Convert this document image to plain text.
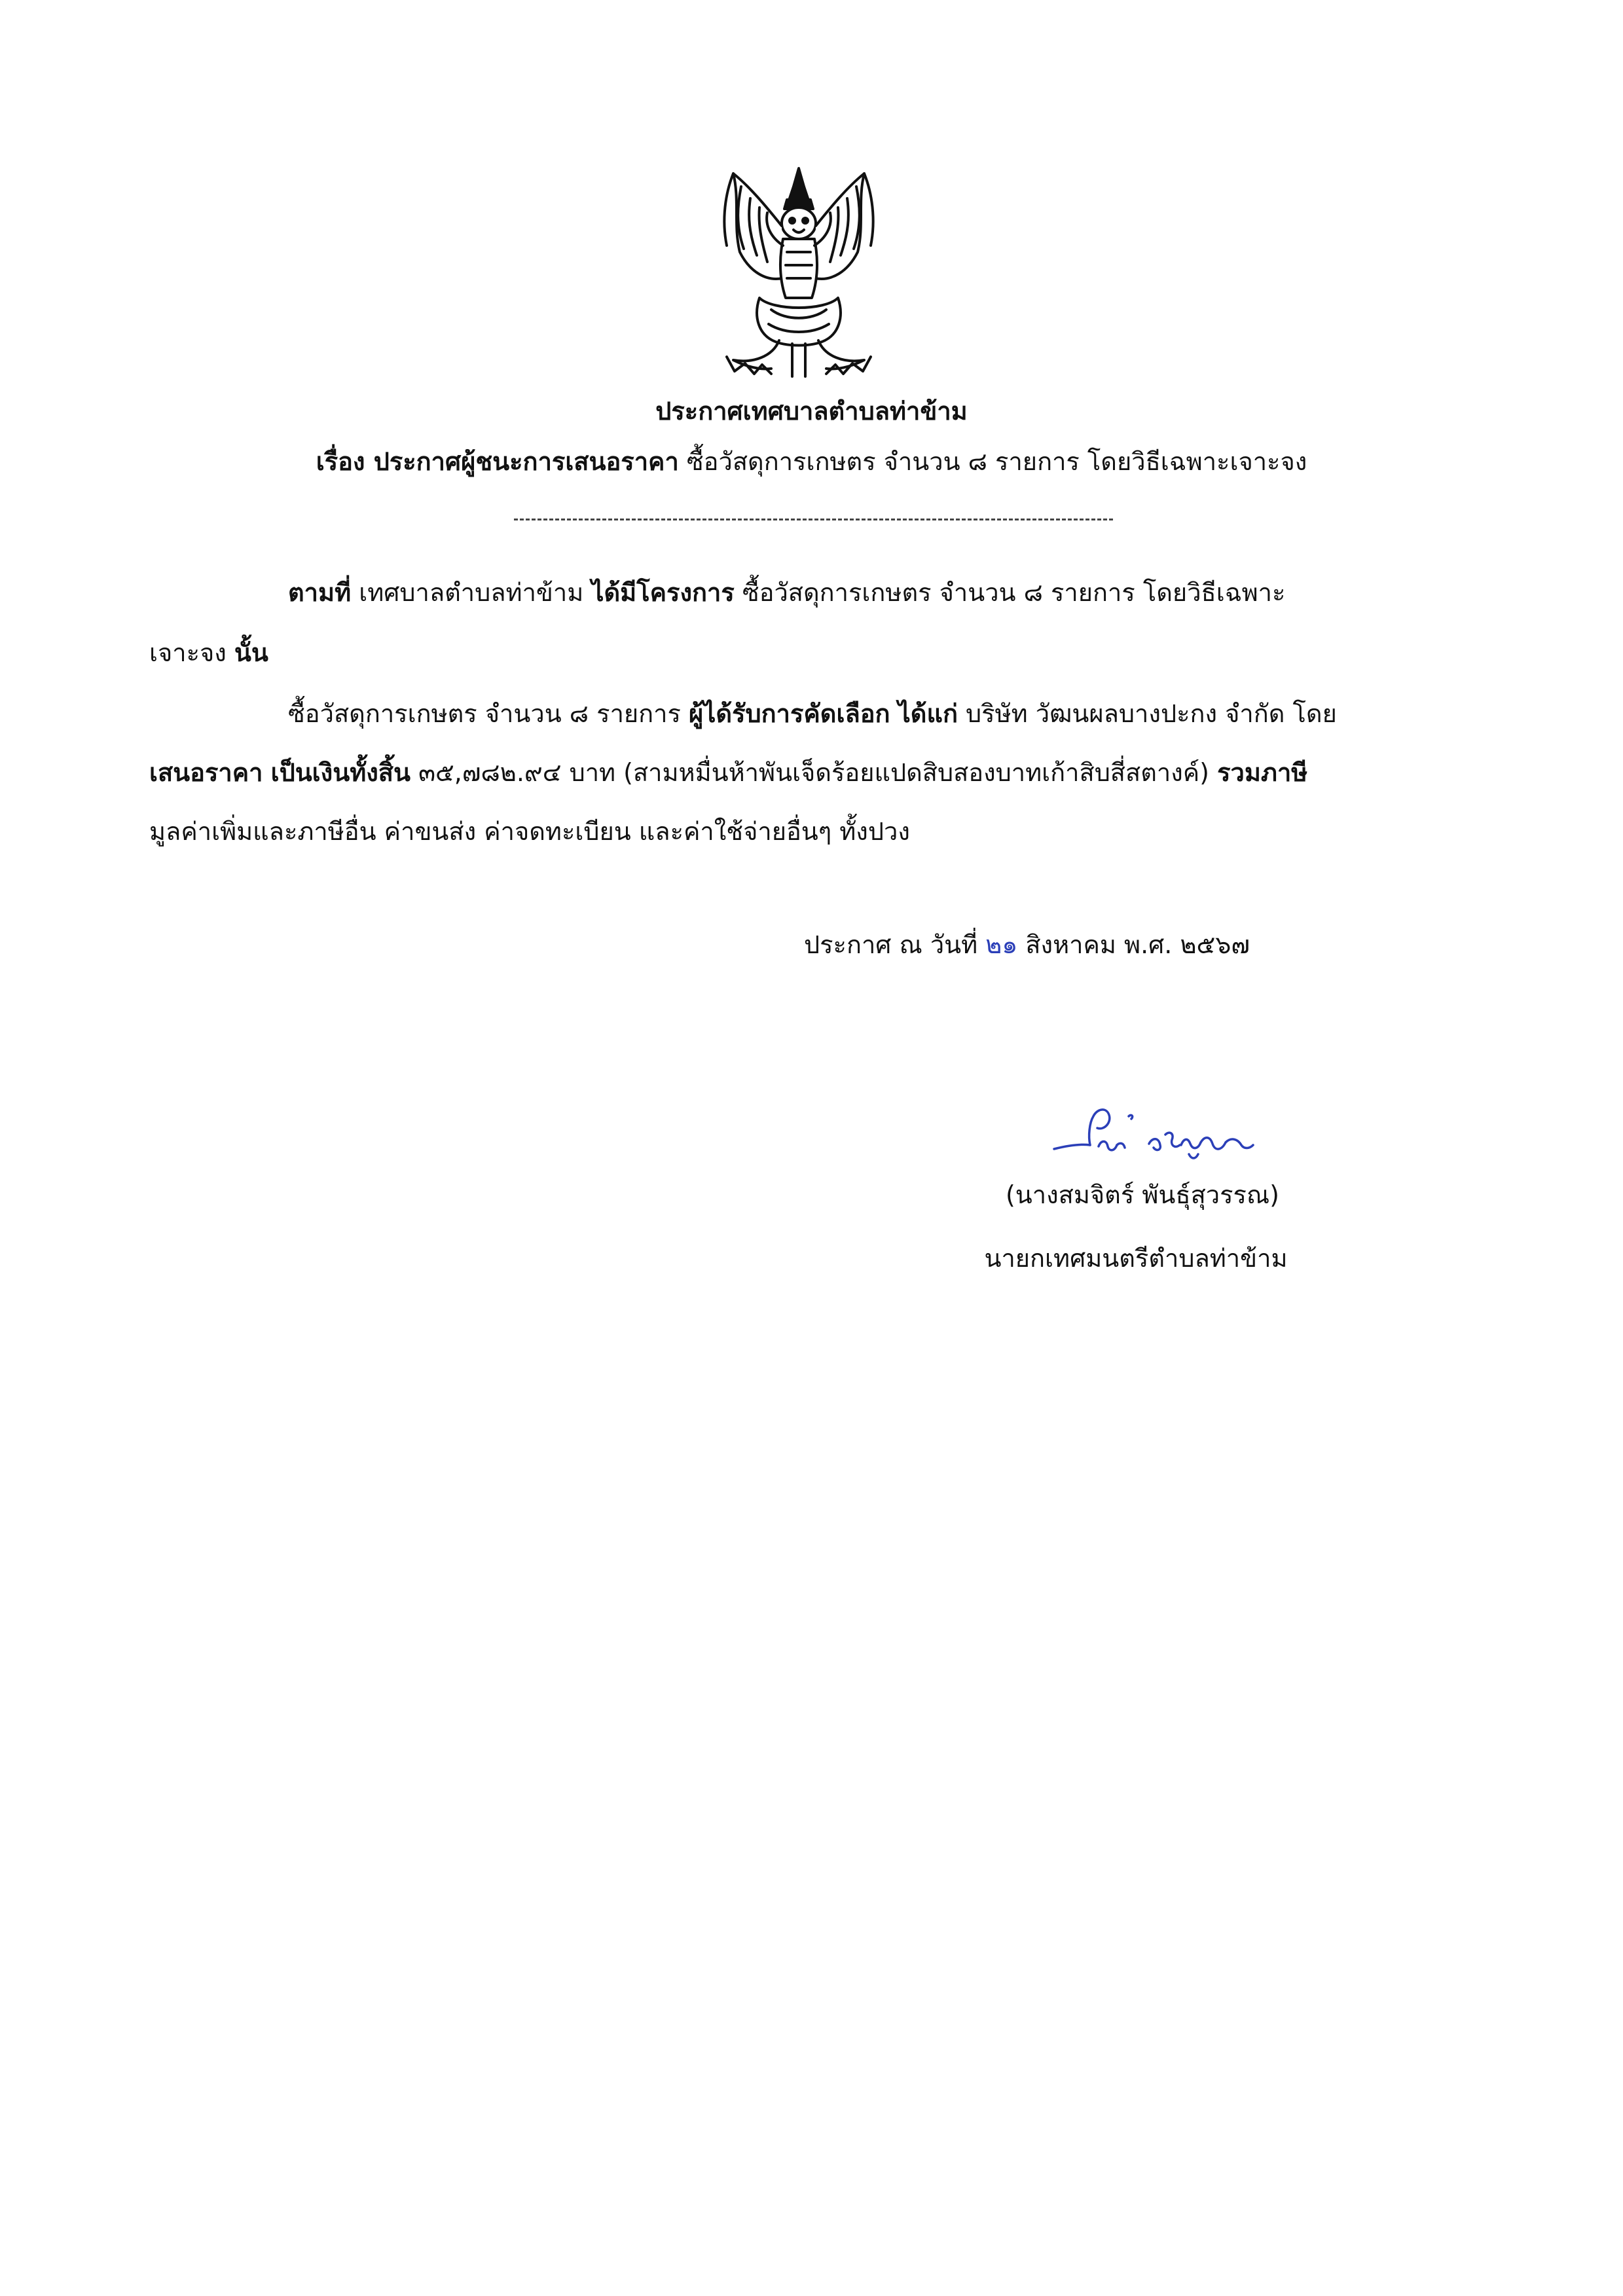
ประกาศเทศบาลตำบลท่าข้าม
เรื่อง ประกาศผู้ชนะการเสนอราคา ซื้อวัสดุการเกษตร จำนวน ๘ รายการ โดยวิธีเฉพาะเจาะจง
ตามที่ เทศบาลตำบลท่าข้าม ได้มีโครงการ ซื้อวัสดุการเกษตร จำนวน ๘ รายการ โดยวิธีเฉพาะ
เจาะจง นั้น
ซื้อวัสดุการเกษตร จำนวน ๘ รายการ ผู้ได้รับการคัดเลือก ได้แก่ บริษัท วัฒนผลบางปะกง จำกัด โดย
เสนอราคา เป็นเงินทั้งสิ้น ๓๕,๗๘๒.๙๔ บาท (สามหมื่นห้าพันเจ็ดร้อยแปดสิบสองบาทเก้าสิบสี่สตางค์) รวมภาษี
มูลค่าเพิ่มและภาษีอื่น ค่าขนส่ง ค่าจดทะเบียน และค่าใช้จ่ายอื่นๆ ทั้งปวง
ประกาศ ณ วันที่ ๒๑ สิงหาคม พ.ศ. ๒๕๖๗
(นางสมจิตร์ พันธุ์สุวรรณ)
นายกเทศมนตรีตำบลท่าข้าม
